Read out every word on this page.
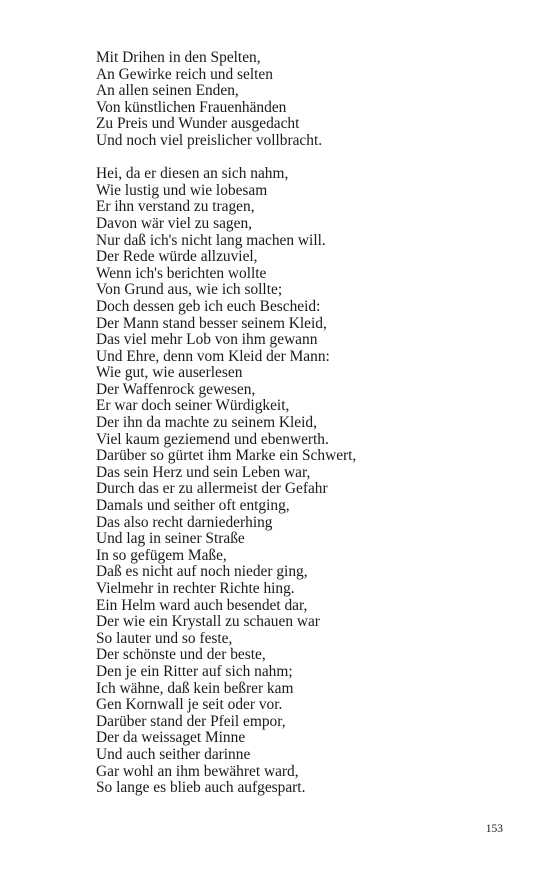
Mit Drihen in den Spelten,
An Gewirke reich und selten
An allen seinen Enden,
Von künstlichen Frauenhänden
Zu Preis und Wunder ausgedacht
Und noch viel preislicher vollbracht.
Hei, da er diesen an sich nahm,
Wie lustig und wie lobesam
Er ihn verstand zu tragen,
Davon wär viel zu sagen,
Nur daß ich's nicht lang machen will.
Der Rede würde allzuviel,
Wenn ich's berichten wollte
Von Grund aus, wie ich sollte;
Doch dessen geb ich euch Bescheid:
Der Mann stand besser seinem Kleid,
Das viel mehr Lob von ihm gewann
Und Ehre, denn vom Kleid der Mann:
Wie gut, wie auserlesen
Der Waffenrock gewesen,
Er war doch seiner Würdigkeit,
Der ihn da machte zu seinem Kleid,
Viel kaum geziemend und ebenwerth.
Darüber so gürtet ihm Marke ein Schwert,
Das sein Herz und sein Leben war,
Durch das er zu allermeist der Gefahr
Damals und seither oft entging,
Das also recht darniederhing
Und lag in seiner Straße
In so gefügem Maße,
Daß es nicht auf noch nieder ging,
Vielmehr in rechter Richte hing.
Ein Helm ward auch besendet dar,
Der wie ein Krystall zu schauen war
So lauter und so feste,
Der schönste und der beste,
Den je ein Ritter auf sich nahm;
Ich wähne, daß kein beßrer kam
Gen Kornwall je seit oder vor.
Darüber stand der Pfeil empor,
Der da weissaget Minne
Und auch seither darinne
Gar wohl an ihm bewähret ward,
So lange es blieb auch aufgespart.
153
